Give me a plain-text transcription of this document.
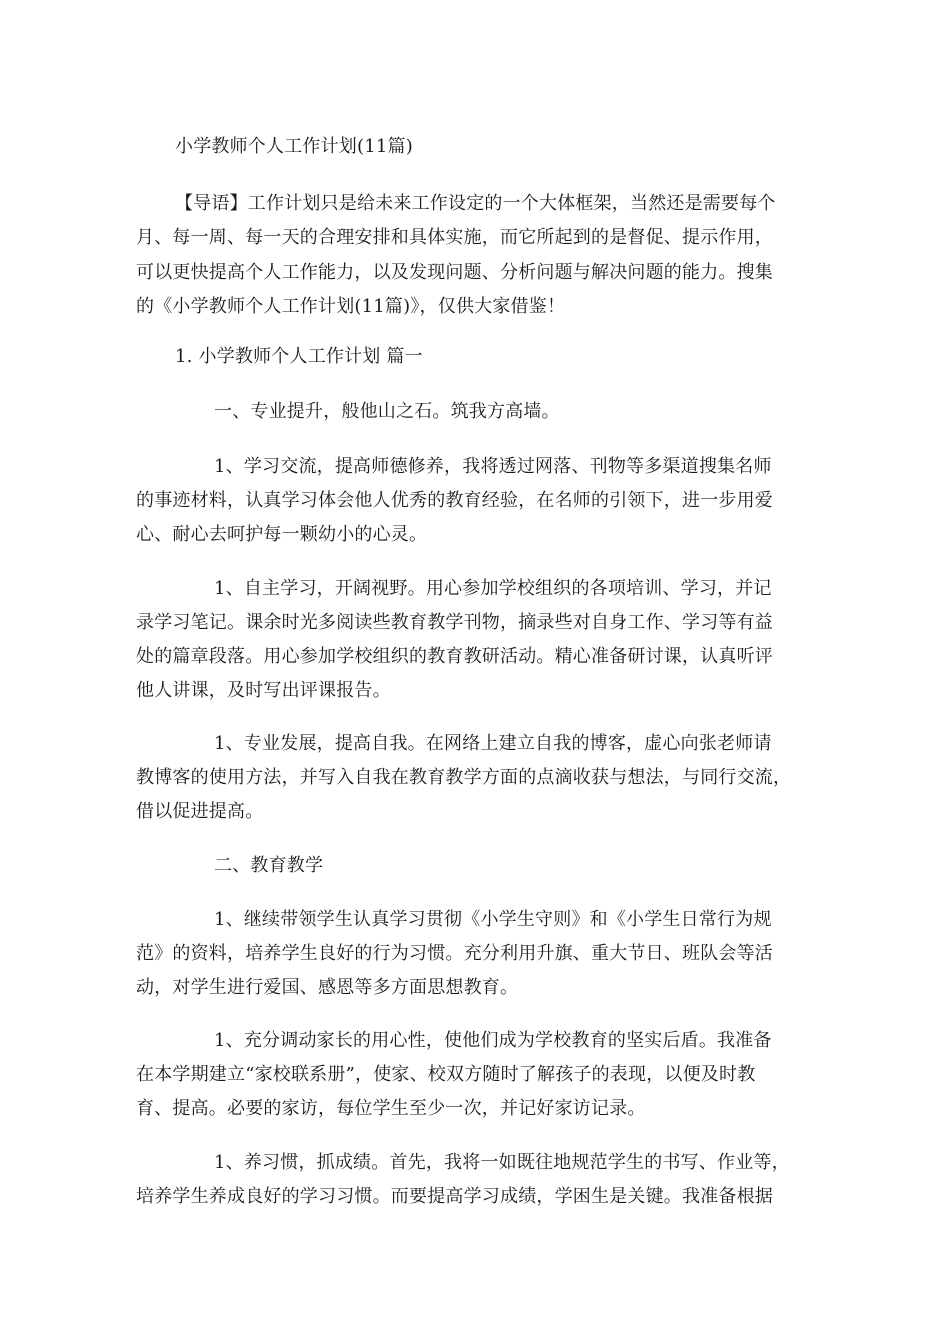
小学教师个人工作计划(11篇)
【导语】工作计划只是给未来工作设定的一个大体框架，当然还是需要每个
月、每一周、每一天的合理安排和具体实施，而它所起到的是督促、提示作用，
可以更快提高个人工作能力，以及发现问题、分析问题与解决问题的能力。搜集
的《小学教师个人工作计划(11篇)》，仅供大家借鉴！
1. 小学教师个人工作计划 篇一
一、专业提升，般他山之石。筑我方高墙。
1、学习交流，提高师德修养，我将透过网落、刊物等多渠道搜集名师
的事迹材料，认真学习体会他人优秀的教育经验，在名师的引领下，进一步用爱
心、耐心去呵护每一颗幼小的心灵。
1、自主学习，开阔视野。用心参加学校组织的各项培训、学习，并记
录学习笔记。课余时光多阅读些教育教学刊物，摘录些对自身工作、学习等有益
处的篇章段落。用心参加学校组织的教育教研活动。精心准备研讨课，认真听评
他人讲课，及时写出评课报告。
1、专业发展，提高自我。在网络上建立自我的博客，虚心向张老师请
教博客的使用方法，并写入自我在教育教学方面的点滴收获与想法，与同行交流，
借以促进提高。
二、教育教学
1、继续带领学生认真学习贯彻《小学生守则》和《小学生日常行为规
范》的资料，培养学生良好的行为习惯。充分利用升旗、重大节日、班队会等活
动，对学生进行爱国、感恩等多方面思想教育。
1、充分调动家长的用心性，使他们成为学校教育的坚实后盾。我准备
在本学期建立“家校联系册”，使家、校双方随时了解孩子的表现，以便及时教
育、提高。必要的家访，每位学生至少一次，并记好家访记录。
1、养习惯，抓成绩。首先，我将一如既往地规范学生的书写、作业等，
培养学生养成良好的学习习惯。而要提高学习成绩，学困生是关键。我准备根据
